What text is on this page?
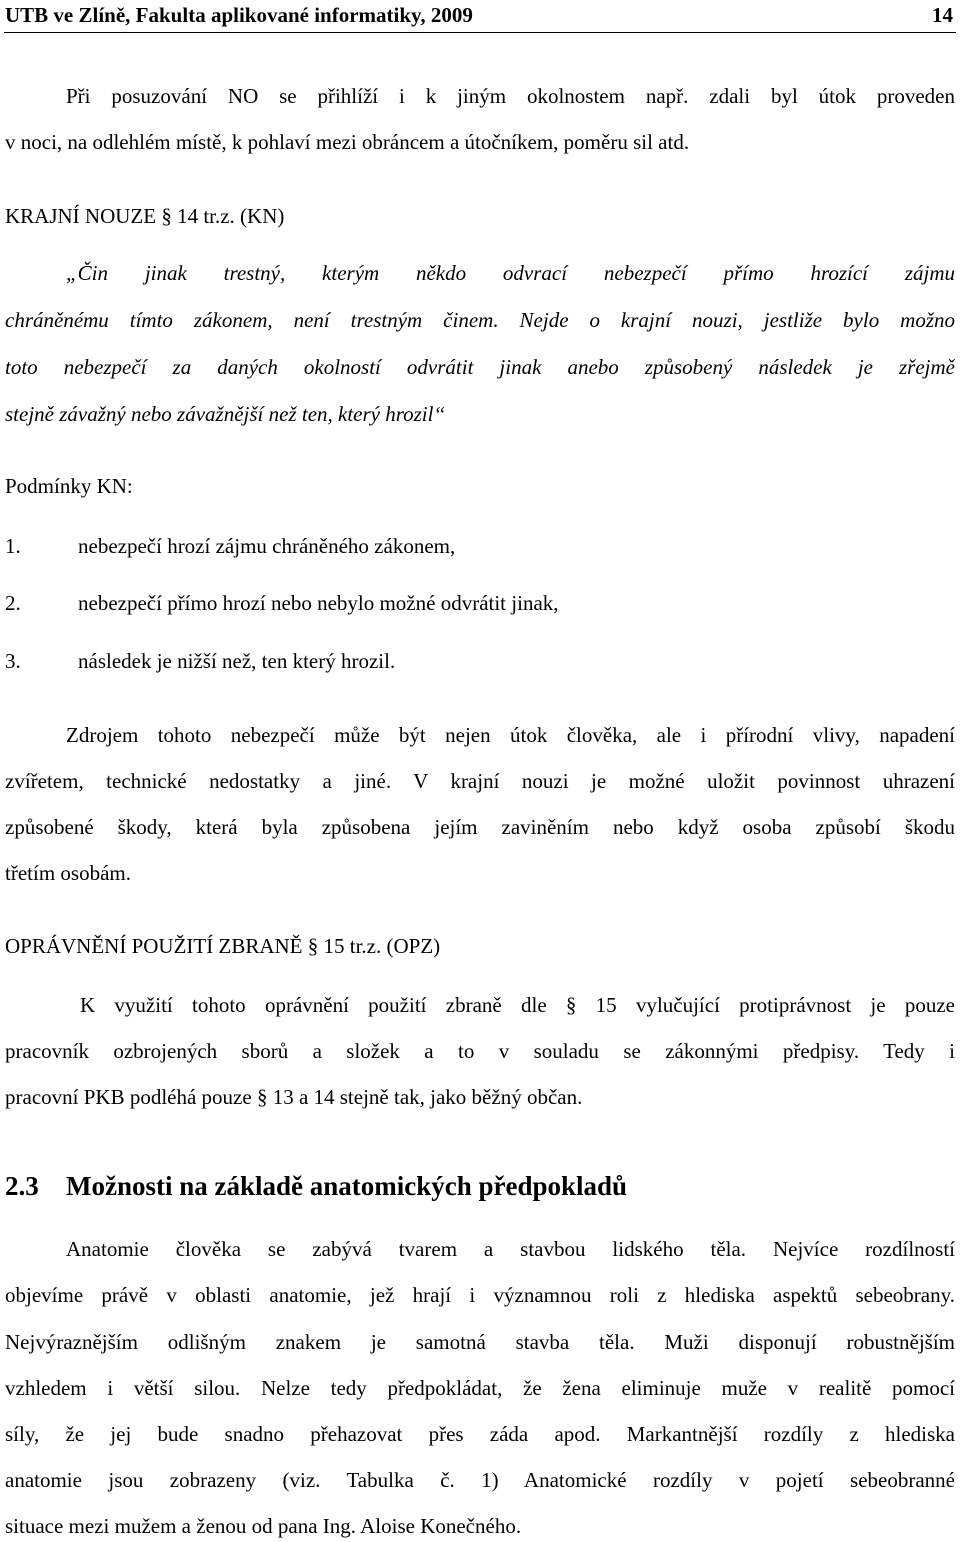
UTB ve Zlíně, Fakulta aplikované informatiky, 2009	14
Při posuzování NO se přihlíží i k jiným okolnostem např. zdali byl útok proveden
v noci, na odlehlém místě, k pohlaví mezi obráncem a útočníkem, poměru sil atd.
KRAJNÍ NOUZE § 14 tr.z. (KN)
„Čin jinak trestný, kterým někdo odvrací nebezpečí přímo hrozící zájmu
chráněnému tímto zákonem, není trestným činem. Nejde o krajní nouzi, jestliže bylo možno
toto nebezpečí za daných okolností odvrátit jinak anebo způsobený následek je zřejmě
stejně závažný nebo závažnější než ten, který hrozil“
Podmínky KN:
1.	nebezpečí hrozí zájmu chráněného zákonem,
2.	nebezpečí přímo hrozí nebo nebylo možné odvrátit jinak,
3.	následek je nižší než, ten který hrozil.
Zdrojem tohoto nebezpečí může být nejen útok člověka, ale i přírodní vlivy, napadení
zvířetem, technické nedostatky a jiné. V krajní nouzi je možné uložit povinnost uhrazení
způsobené škody, která byla způsobena jejím zaviněním nebo když osoba způsobí škodu
třetím osobám.
OPRÁVNĚNÍ POUŽITÍ ZBRANĚ § 15 tr.z. (OPZ)
K využití tohoto oprávnění použití zbraně dle § 15 vylučující protiprávnost je pouze
pracovník ozbrojených sborů a složek a to v souladu se zákonnými předpisy. Tedy i
pracovní PKB podléhá pouze § 13 a 14 stejně tak, jako běžný občan.
2.3 Možnosti na základě anatomických předpokladů
Anatomie člověka se zabývá tvarem a stavbou lidského těla. Nejvíce rozdílností
objevíme právě v oblasti anatomie, jež hrají i významnou roli z hlediska aspektů sebeobrany.
Nejvýraznějším odlišným znakem je samotná stavba těla. Muži disponují robustnějším
vzhledem i větší silou. Nelze tedy předpokládat, že žena eliminuje muže v realitě pomocí
síly, že jej bude snadno přehazovat přes záda apod. Markantnější rozdíly z hlediska
anatomie jsou zobrazeny (viz. Tabulka č. 1) Anatomické rozdíly v pojetí sebeobranné
situace mezi mužem a ženou od pana Ing. Aloise Konečného.
